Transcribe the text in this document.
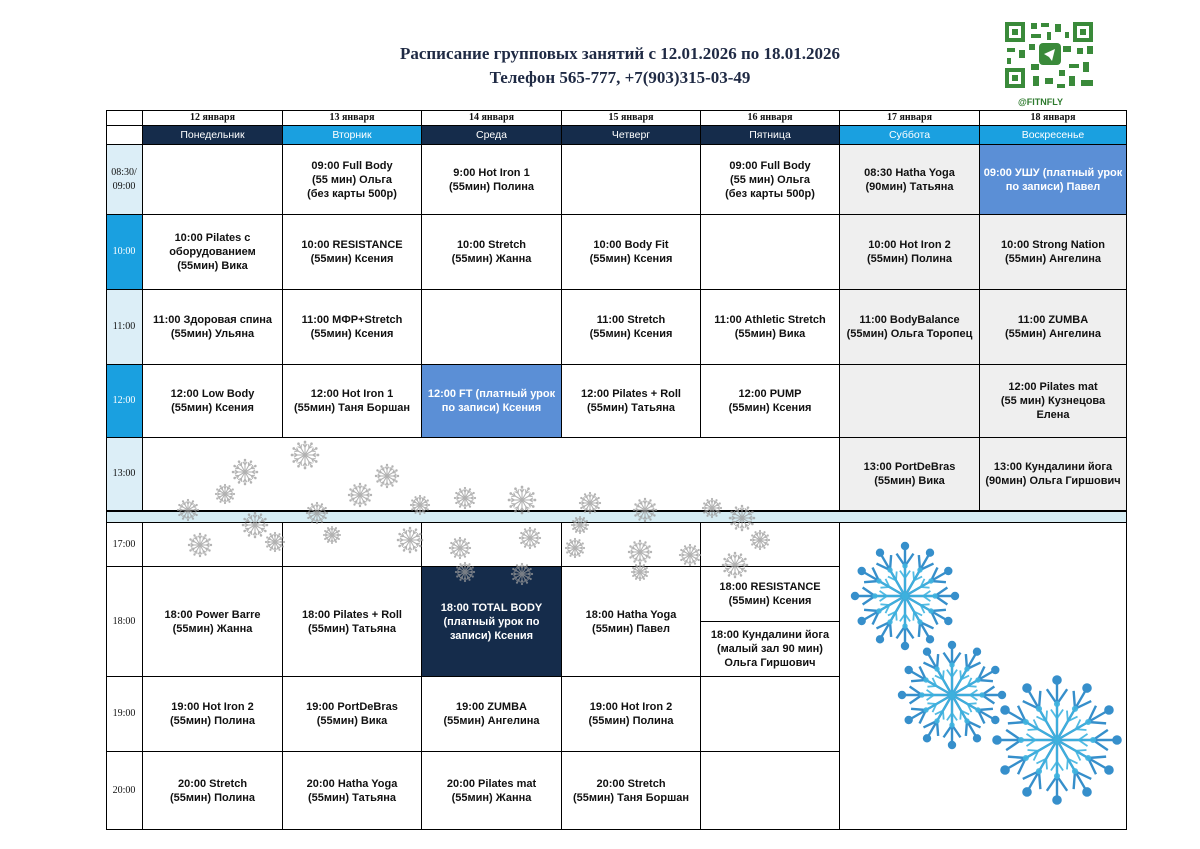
Расписание групповых занятий с 12.01.2026 по 18.01.2026
Телефон 565-777, +7(903)315-03-49
@FITNFLY
12 января
Понедельник
13 января
Вторник
14 января
Среда
15 января
Четверг
16 января
Пятница
17 января
Суббота
18 января
Воскресенье
08:30/
09:00
10:00
11:00
12:00
13:00
17:00
18:00
19:00
20:00
09:00 Full Body
(55 мин) Ольга
(без карты 500р)
9:00 Hot Iron 1
(55мин) Полина
09:00 Full Body
(55 мин) Ольга
(без карты 500р)
08:30 Hatha Yoga
(90мин) Татьяна
09:00 УШУ (платный урок
по записи) Павел
10:00 Pilates с
оборудованием
(55мин) Вика
10:00 RESISTANCE
(55мин) Ксения
10:00 Stretch
(55мин) Жанна
10:00 Body Fit
(55мин) Ксения
10:00 Hot Iron 2
(55мин) Полина
10:00 Strong Nation
(55мин) Ангелина
11:00 Здоровая спина
(55мин) Ульяна
11:00 МФР+Stretch
(55мин) Ксения
11:00 Stretch
(55мин) Ксения
11:00 Athletic Stretch
(55мин) Вика
11:00 BodyBalance
(55мин) Ольга Торопец
11:00 ZUMBA
(55мин) Ангелина
12:00 Low Body
(55мин) Ксения
12:00 Hot Iron 1
(55мин) Таня Боршан
12:00 FT (платный урок
по записи) Ксения
12:00 Pilates + Roll
(55мин) Татьяна
12:00 PUMP
(55мин) Ксения
12:00 Pilates mat
(55 мин) Кузнецова
Елена
13:00 PortDeBras
(55мин) Вика
13:00 Кундалини йога
(90мин) Ольга Гиршович
18:00 Power Barre
(55мин) Жанна
18:00 Pilates + Roll
(55мин) Татьяна
18:00 TOTAL BODY
(платный урок по
записи) Ксения
18:00 Hatha Yoga
(55мин) Павел
18:00 RESISTANCE
(55мин) Ксения
18:00 Кундалини йога
(малый зал 90 мин)
Ольга Гиршович
19:00 Hot Iron 2
(55мин) Полина
19:00 PortDeBras
(55мин) Вика
19:00 ZUMBA
(55мин) Ангелина
19:00 Hot Iron 2
(55мин) Полина
20:00 Stretch
(55мин) Полина
20:00 Hatha Yoga
(55мин) Татьяна
20:00 Pilates mat
(55мин) Жанна
20:00 Stretch
(55мин) Таня Боршан
